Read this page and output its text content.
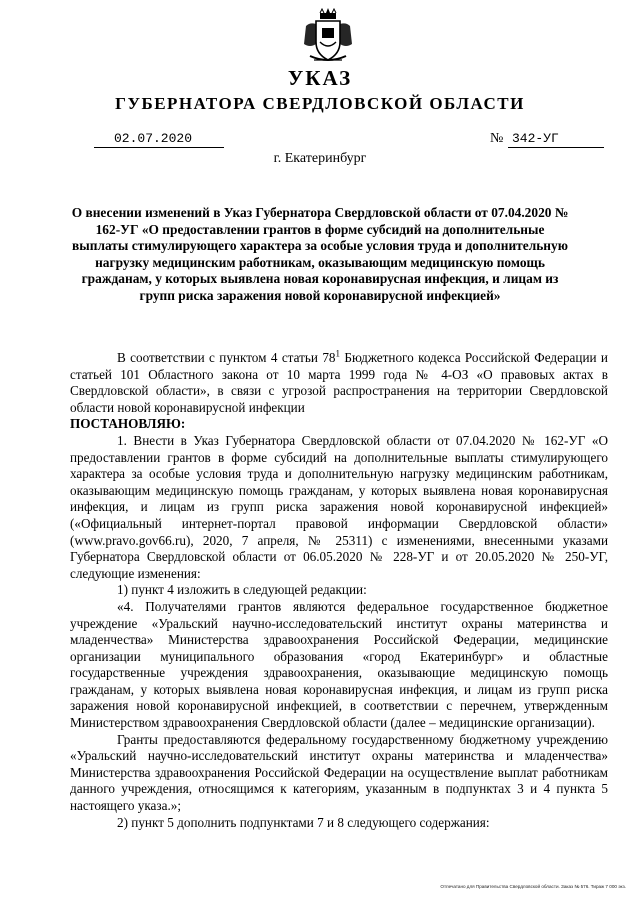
УКАЗ
ГУБЕРНАТОРА СВЕРДЛОВСКОЙ ОБЛАСТИ
02.07.2020	№ 342-УГ
г. Екатеринбург
О внесении изменений в Указ Губернатора Свердловской области от 07.04.2020 № 162-УГ «О предоставлении грантов в форме субсидий на дополнительные выплаты стимулирующего характера за особые условия труда и дополнительную нагрузку медицинским работникам, оказывающим медицинскую помощь гражданам, у которых выявлена новая коронавирусная инфекция, и лицам из групп риска заражения новой коронавирусной инфекцией»

В соответствии с пунктом 4 статьи $78^1$ Бюджетного кодекса Российской Федерации и статьей 101 Областного закона от 10 марта 1999 года № 4-ОЗ «О правовых актах в Свердловской области», в связи с угрозой распространения на территории Свердловской области новой коронавирусной инфекции

ПОСТАНОВЛЯЮ:

1. Внести в Указ Губернатора Свердловской области от 07.04.2020 № 162-УГ «О предоставлении грантов в форме субсидий на дополнительные выплаты стимулирующего характера за особые условия труда и дополнительную нагрузку медицинским работникам, оказывающим медицинскую помощь гражданам, у которых выявлена новая коронавирусная инфекция, и лицам из групп риска заражения новой коронавирусной инфекцией» («Официальный интернет-портал правовой информации Свердловской области» (www.pravo.gov66.ru), 2020, 7 апреля, № 25311) с изменениями, внесенными указами Губернатора Свердловской области от 06.05.2020 № 228-УГ и от 20.05.2020 № 250-УГ, следующие изменения:

1) пункт 4 изложить в следующей редакции:

«4. Получателями грантов являются федеральное государственное бюджетное учреждение «Уральский научно-исследовательский институт охраны материнства и младенчества» Министерства здравоохранения Российской Федерации, медицинские организации муниципального образования «город Екатеринбург» и областные государственные учреждения здравоохранения, оказывающие медицинскую помощь гражданам, у которых выявлена новая коронавирусная инфекция, и лицам из групп риска заражения новой коронавирусной инфекцией, в соответствии с перечнем, утвержденным Министерством здравоохранения Свердловской области (далее – медицинские организации).

Гранты предоставляются федеральному государственному бюджетному учреждению «Уральский научно-исследовательский институт охраны материнства и младенчества» Министерства здравоохранения Российской Федерации на осуществление выплат работникам данного учреждения, относящимся к категориям, указанным в подпунктах 3 и 4 пункта 5 настоящего указа.»;

2) пункт 5 дополнить подпунктами 7 и 8 следующего содержания:

Отпечатано для Правительства Свердловской области. Заказ № 576. Тираж 7 000 экз.
